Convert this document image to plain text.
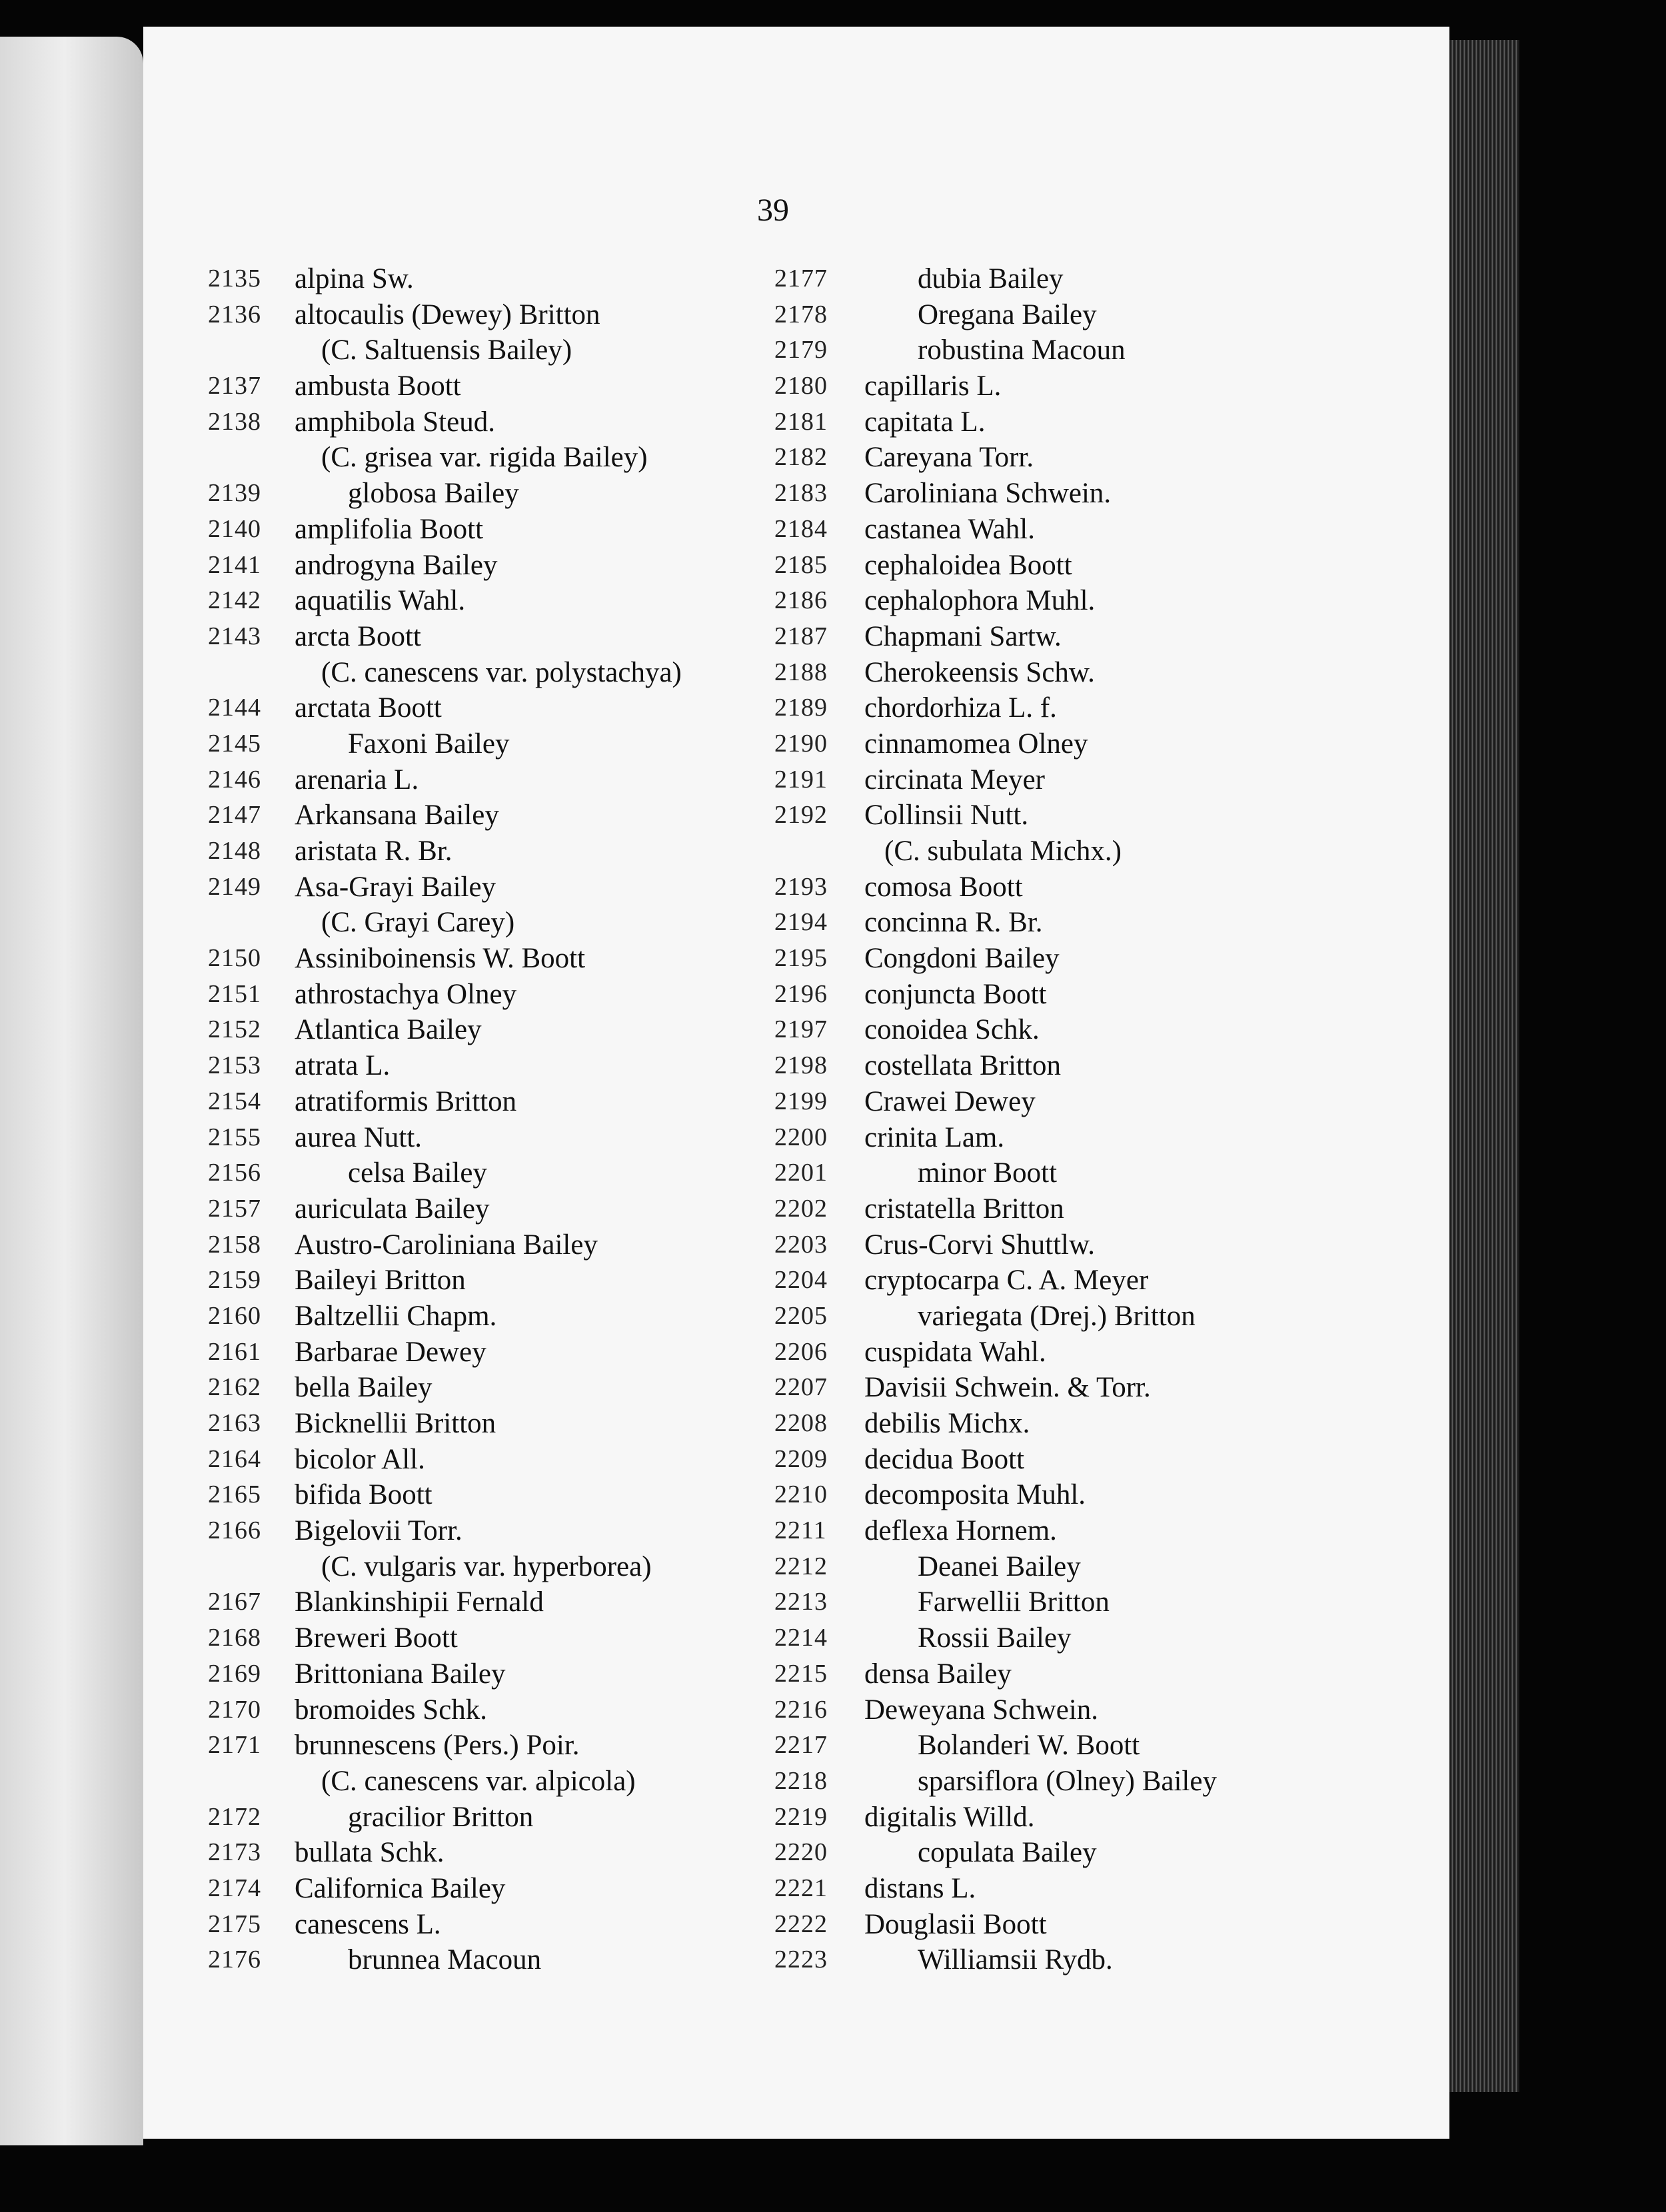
39
2135	alpina Sw.
2136	altocaulis (Dewey) Britton
(C. Saltuensis Bailey)
2137	ambusta Boott
2138	amphibola Steud.
(C. grisea var. rigida Bailey)
2139	globosa Bailey
2140	amplifolia Boott
2141	androgyna Bailey
2142	aquatilis Wahl.
2143	arcta Boott
(C. canescens var. polystachya)
2144	arctata Boott
2145	Faxoni Bailey
2146	arenaria L.
2147	Arkansana Bailey
2148	aristata R. Br.
2149	Asa-Grayi Bailey
(C. Grayi Carey)
2150	Assiniboinensis W. Boott
2151	athrostachya Olney
2152	Atlantica Bailey
2153	atrata L.
2154	atratiformis Britton
2155	aurea Nutt.
2156	celsa Bailey
2157	auriculata Bailey
2158	Austro-Caroliniana Bailey
2159	Baileyi Britton
2160	Baltzellii Chapm.
2161	Barbarae Dewey
2162	bella Bailey
2163	Bicknellii Britton
2164	bicolor All.
2165	bifida Boott
2166	Bigelovii Torr.
(C. vulgaris var. hyperborea)
2167	Blankinshipii Fernald
2168	Breweri Boott
2169	Brittoniana Bailey
2170	bromoides Schk.
2171	brunnescens (Pers.) Poir.
(C. canescens var. alpicola)
2172	gracilior Britton
2173	bullata Schk.
2174	Californica Bailey
2175	canescens L.
2176	brunnea Macoun
2177	dubia Bailey
2178	Oregana Bailey
2179	robustina Macoun
2180	capillaris L.
2181	capitata L.
2182	Careyana Torr.
2183	Caroliniana Schwein.
2184	castanea Wahl.
2185	cephaloidea Boott
2186	cephalophora Muhl.
2187	Chapmani Sartw.
2188	Cherokeensis Schw.
2189	chordorhiza L. f.
2190	cinnamomea Olney
2191	circinata Meyer
2192	Collinsii Nutt.
(C. subulata Michx.)
2193	comosa Boott
2194	concinna R. Br.
2195	Congdoni Bailey
2196	conjuncta Boott
2197	conoidea Schk.
2198	costellata Britton
2199	Crawei Dewey
2200	crinita Lam.
2201	minor Boott
2202	cristatella Britton
2203	Crus-Corvi Shuttlw.
2204	cryptocarpa C. A. Meyer
2205	variegata (Drej.) Britton
2206	cuspidata Wahl.
2207	Davisii Schwein. & Torr.
2208	debilis Michx.
2209	decidua Boott
2210	decomposita Muhl.
2211	deflexa Hornem.
2212	Deanei Bailey
2213	Farwellii Britton
2214	Rossii Bailey
2215	densa Bailey
2216	Deweyana Schwein.
2217	Bolanderi W. Boott
2218	sparsiflora (Olney) Bailey
2219	digitalis Willd.
2220	copulata Bailey
2221	distans L.
2222	Douglasii Boott
2223	Williamsii Rydb.
